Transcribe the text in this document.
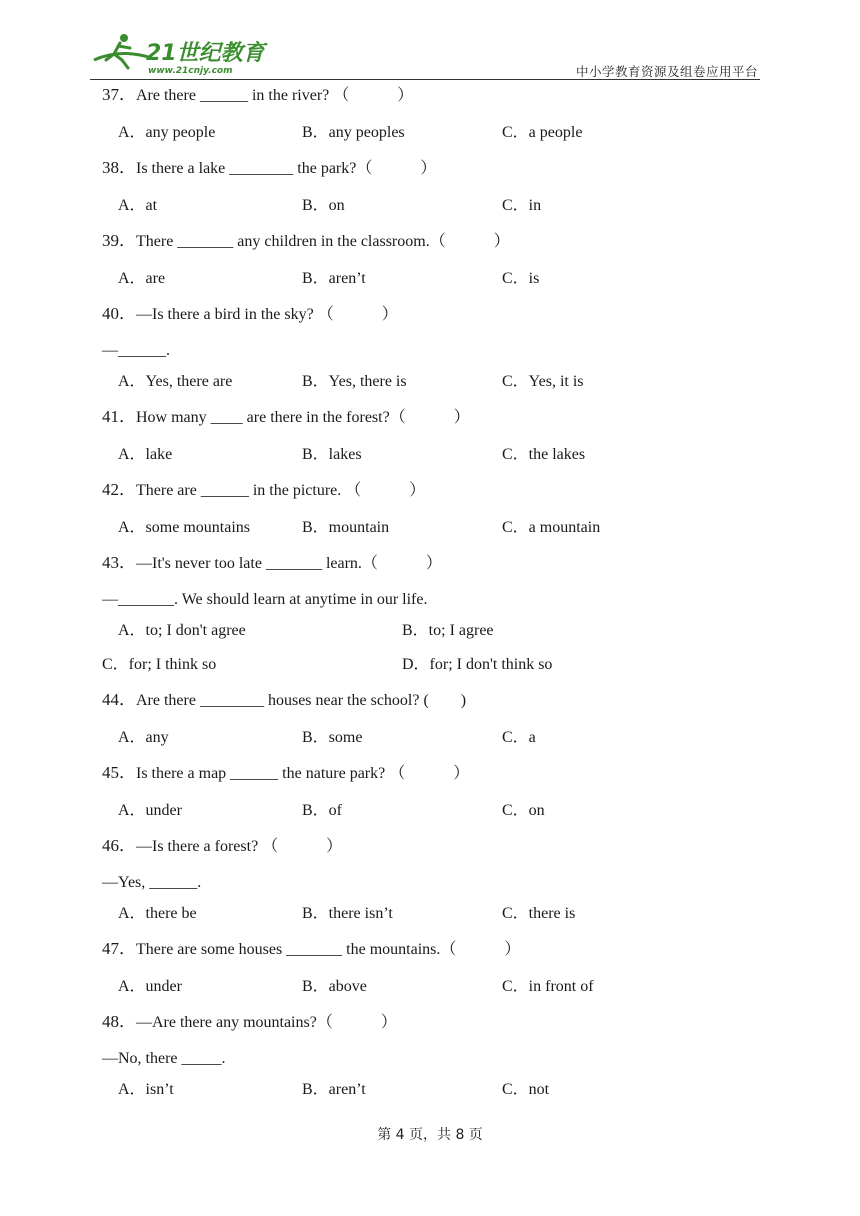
21世纪教育
www.21cnjy.com	中小学教育资源及组卷应用平台
37．Are there ______ in the river? （　　　）
A．any people	B．any peoples	C．a people
38．Is there a lake ________ the park?（　　　）
A．at	B．on	C．in
39．There _______ any children in the classroom.（　　　）
A．are	B．aren’t	C．is
40．—Is there a bird in the sky? （　　　）
—______.
A．Yes, there are	B．Yes, there is	C．Yes, it is
41．How many ____ are there in the forest?（　　　）
A．lake	B．lakes	C．the lakes
42．There are ______ in the picture. （　　　）
A．some mountains	B．mountain	C．a mountain
43．—It's never too late _______ learn.（　　　）
—_______. We should learn at anytime in our life.
A．to; I don't agree	B．to; I agree
C．for; I think so	D．for; I don't think so
44．Are there ________ houses near the school? (　　)
A．any	B．some	C．a
45．Is there a map ______ the nature park? （　　　）
A．under	B．of	C．on
46．—Is there a forest? （　　　）
—Yes, ______.
A．there be	B．there isn’t	C．there is
47．There are some houses _______ the mountains.（　　　）
A．under	B．above	C．in front of
48．—Are there any mountains?（　　　）
—No, there _____.
A．isn’t	B．aren’t	C．not
第 4 页，共 8 页
